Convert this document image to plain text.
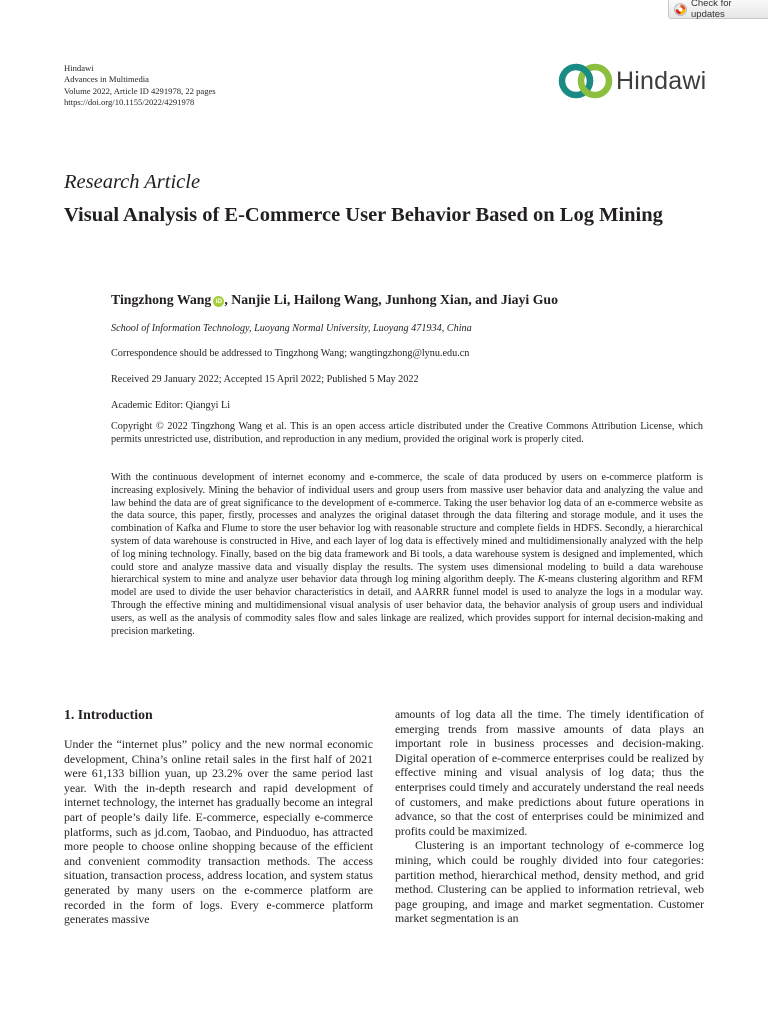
Check for updates
Hindawi
Advances in Multimedia
Volume 2022, Article ID 4291978, 22 pages
https://doi.org/10.1155/2022/4291978
Hindawi
Research Article
Visual Analysis of E-Commerce User Behavior Based on Log Mining
Tingzhong Wang iD , Nanjie Li, Hailong Wang, Junhong Xian, and Jiayi Guo
School of Information Technology, Luoyang Normal University, Luoyang 471934, China
Correspondence should be addressed to Tingzhong Wang; wangtingzhong@lynu.edu.cn
Received 29 January 2022; Accepted 15 April 2022; Published 5 May 2022
Academic Editor: Qiangyi Li
Copyright © 2022 Tingzhong Wang et al. This is an open access article distributed under the Creative Commons Attribution License, which permits unrestricted use, distribution, and reproduction in any medium, provided the original work is properly cited.

With the continuous development of internet economy and e-commerce, the scale of data produced by users on e-commerce platform is increasing explosively. Mining the behavior of individual users and group users from massive user behavior data and analyzing the value and law behind the data are of great significance to the development of e-commerce. Taking the user behavior log data of an e-commerce website as the data source, this paper, firstly, processes and analyzes the original dataset through the data filtering and storage module, and it uses the combination of Kafka and Flume to store the user behavior log with reasonable structure and complete fields in HDFS. Secondly, a hierarchical system of data warehouse is constructed in Hive, and each layer of log data is effectively mined and multidimensionally analyzed with the help of log mining technology. Finally, based on the big data framework and Bi tools, a data warehouse system is designed and implemented, which could store and analyze massive data and visually display the results. The system uses dimensional modeling to build a data warehouse hierarchical system to mine and analyze user behavior data through log mining algorithm deeply. The K-means clustering algorithm and RFM model are used to divide the user behavior characteristics in detail, and AARRR funnel model is used to analyze the logs in a modular way. Through the effective mining and multidimensional visual analysis of user behavior data, the behavior analysis of group users and individual users, as well as the analysis of commodity sales flow and sales linkage are realized, which provides support for internal decision-making and precision marketing.

1. Introduction

Under the “internet plus” policy and the new normal economic development, China’s online retail sales in the first half of 2021 were 61,133 billion yuan, up 23.2% over the same period last year. With the in-depth research and rapid development of internet technology, the internet has gradually become an integral part of people’s daily life. E-commerce, especially e-commerce platforms, such as jd.com, Taobao, and Pinduoduo, has attracted more people to choose online shopping because of the efficient and convenient commodity transaction methods. The access situation, transaction process, address location, and system status generated by many users on the e-commerce platform are recorded in the form of logs. Every e-commerce platform generates massive

amounts of log data all the time. The timely identification of emerging trends from massive amounts of data plays an important role in business processes and decision-making. Digital operation of e-commerce enterprises could be realized by effective mining and visual analysis of log data; thus the enterprises could timely and accurately understand the real needs of customers, and make predictions about future operations in advance, so that the cost of enterprises could be minimized and profits could be maximized.

Clustering is an important technology of e-commerce log mining, which could be roughly divided into four categories: partition method, hierarchical method, density method, and grid method. Clustering can be applied to information retrieval, web page grouping, and image and market segmentation. Customer market segmentation is an
